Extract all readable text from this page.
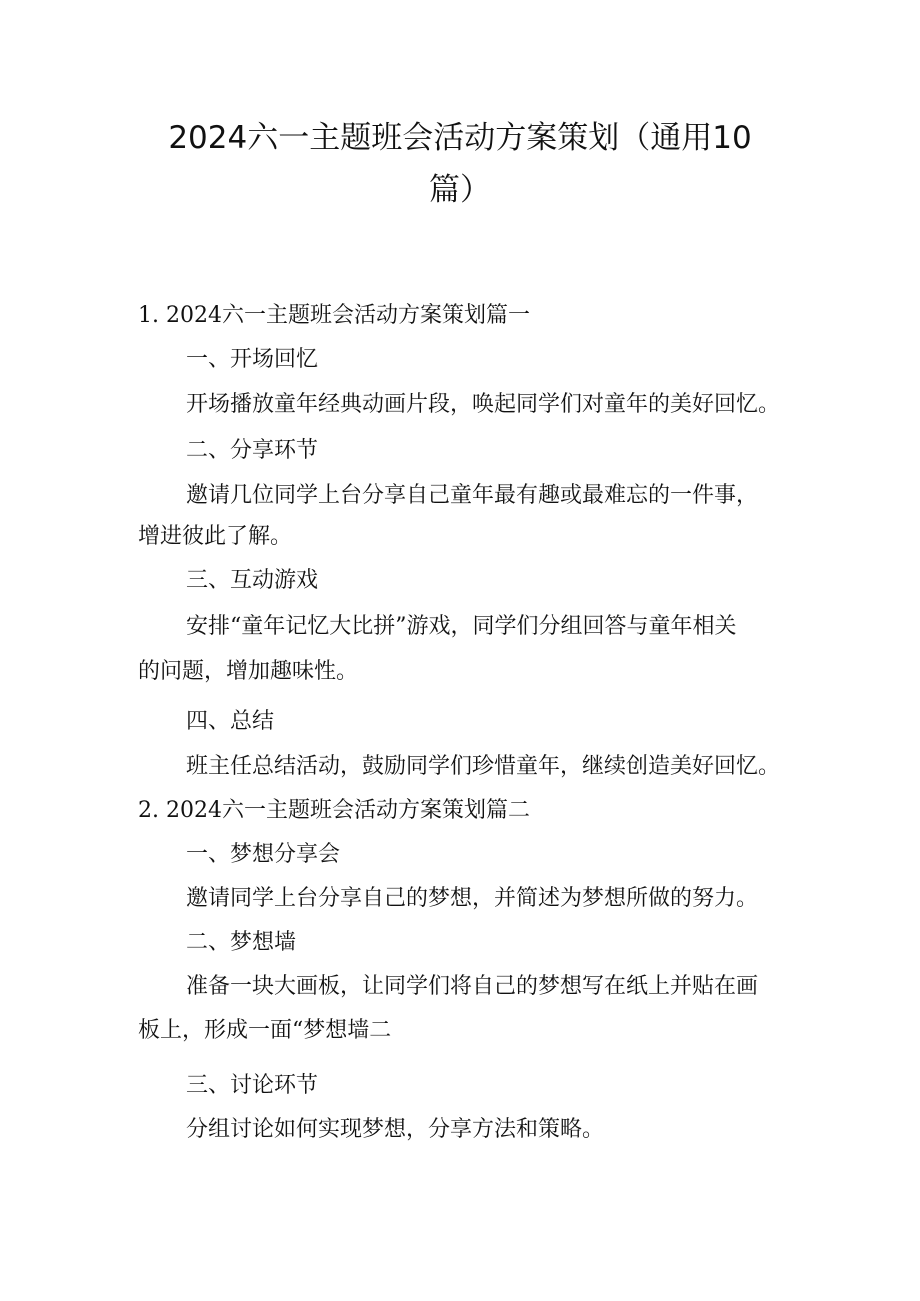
2024六一主题班会活动方案策划（通用10
篇）

1. 2024六一主题班会活动方案策划篇一

一、开场回忆

开场播放童年经典动画片段，唤起同学们对童年的美好回忆。

二、分享环节

邀请几位同学上台分享自己童年最有趣或最难忘的一件事，

增进彼此了解。

三、互动游戏

安排“童年记忆大比拼”游戏，同学们分组回答与童年相关

的问题，增加趣味性。

四、总结

班主任总结活动，鼓励同学们珍惜童年，继续创造美好回忆。

2. 2024六一主题班会活动方案策划篇二

一、梦想分享会

邀请同学上台分享自己的梦想，并简述为梦想所做的努力。

二、梦想墙

准备一块大画板，让同学们将自己的梦想写在纸上并贴在画

板上，形成一面“梦想墙二

三、讨论环节

分组讨论如何实现梦想，分享方法和策略。
